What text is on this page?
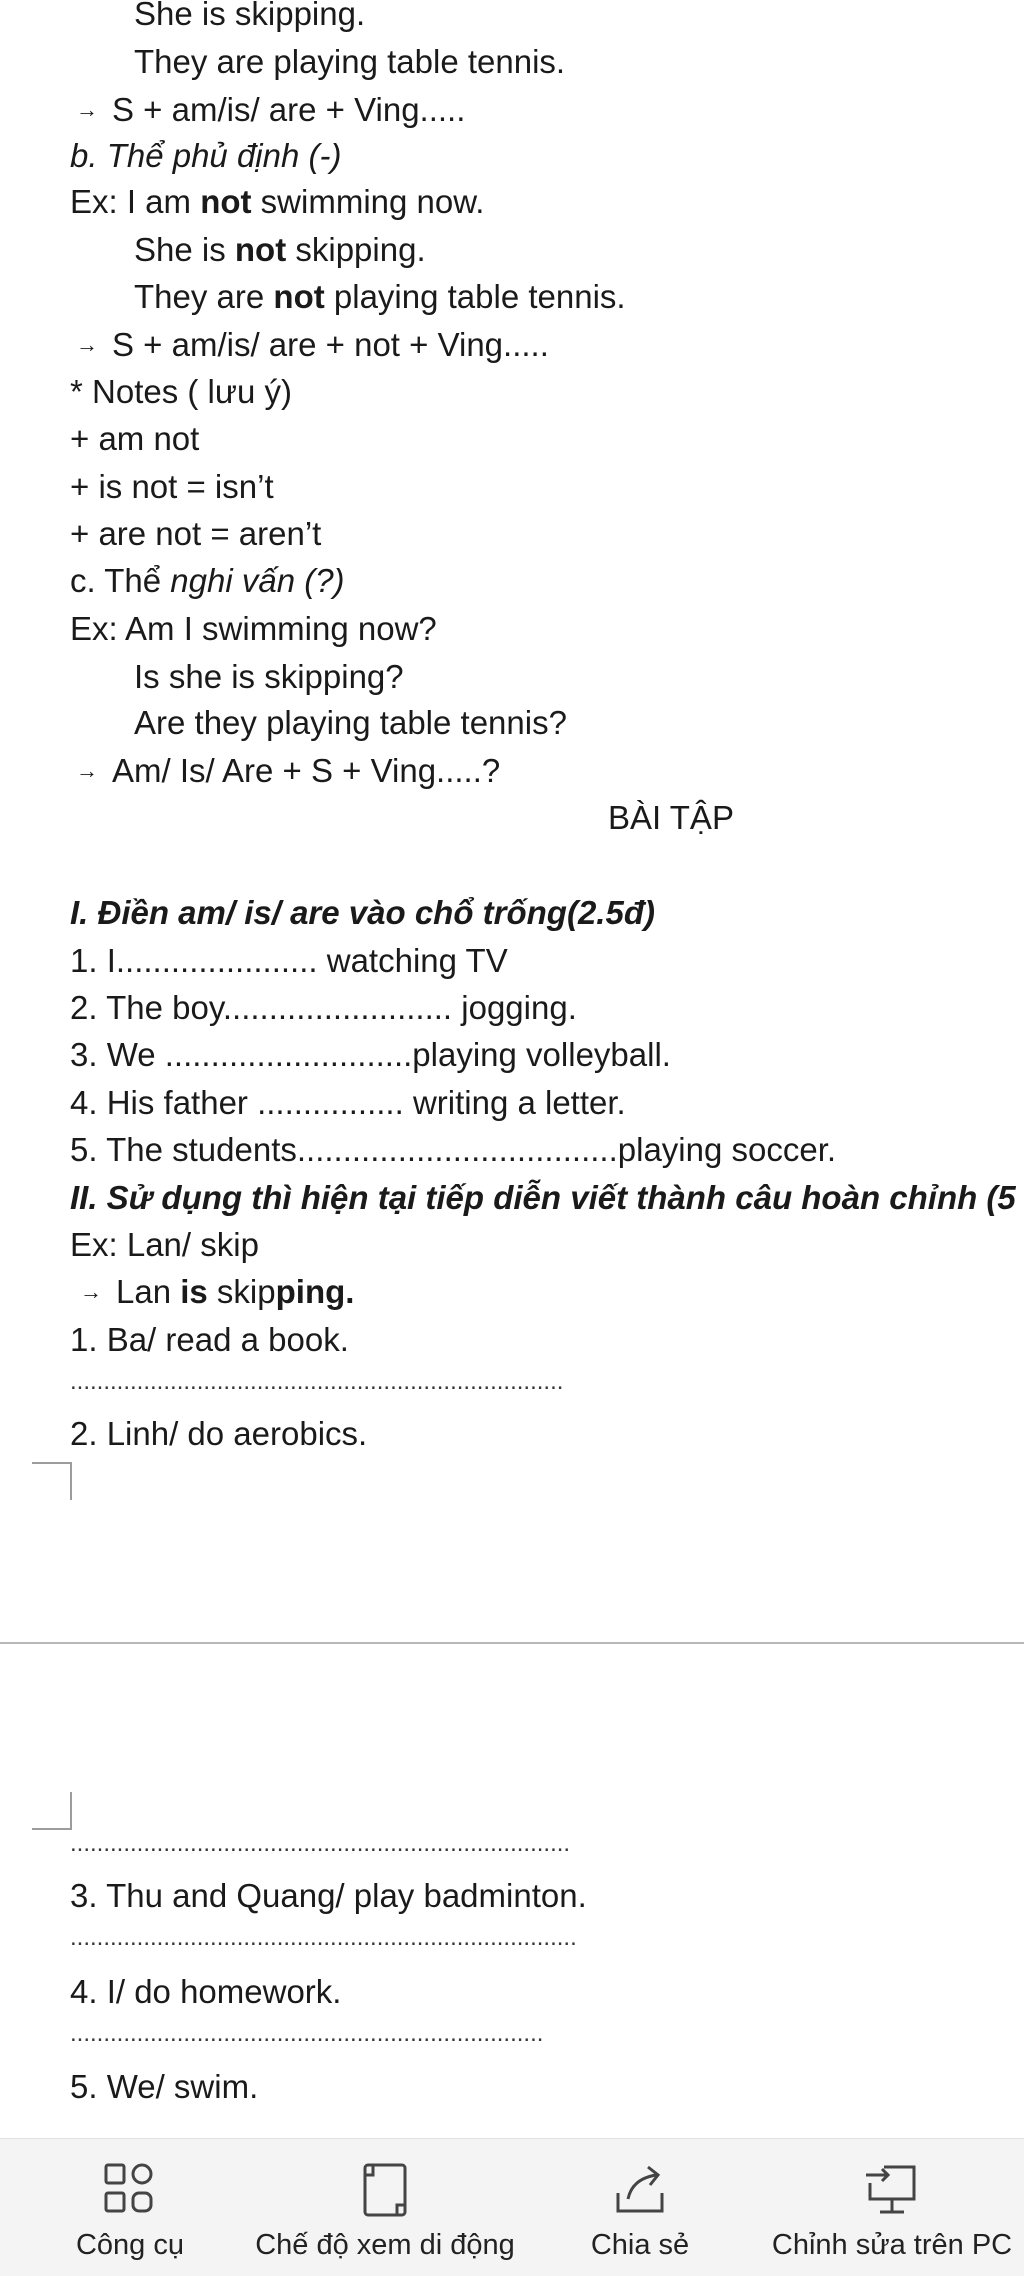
She is skipping.
They are playing table tennis.
→ S + am/is/ are + Ving.....
b. Thể phủ định (-)
Ex: I am not swimming now.
She is not skipping.
They are not playing table tennis.
→ S + am/is/ are + not + Ving.....
* Notes ( lưu ý)
+ am not
+ is not = isn’t
+ are not = aren’t
c. Thể nghi vấn (?)
Ex: Am I swimming now?
Is she is skipping?
Are they playing table tennis?
→ Am/ Is/ Are + S + Ving.....?
BÀI TẬP
I. Điền am/ is/ are vào chổ trống(2.5đ)
1. I...................... watching TV
2. The boy......................... jogging.
3. We ...........................playing volleyball.
4. His father ................ writing a letter.
5. The students...................................playing soccer.
II. Sử dụng thì hiện tại tiếp diễn viết thành câu hoàn chỉnh (5
Ex: Lan/ skip
→ Lan is skipping.
1. Ba/ read a book.
..........................................................................
2. Linh/ do aerobics.
...........................................................................
3. Thu and Quang/ play badminton.
............................................................................
4. I/ do homework.
.......................................................................
5. We/ swim.
Công cụ	Chế độ xem di động	Chia sẻ	Chỉnh sửa trên PC
